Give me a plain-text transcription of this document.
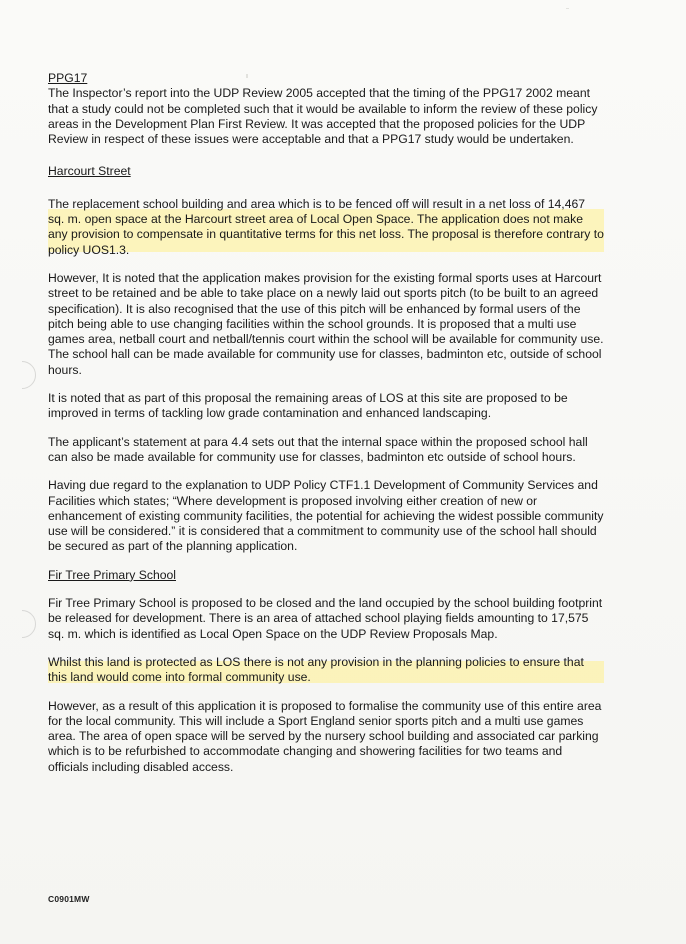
PPG17

The Inspector’s report into the UDP Review 2005 accepted that the timing of the PPG17 2002 meant that a study could not be completed such that it would be available to inform the review of these policy areas in the Development Plan First Review. It was accepted that the proposed policies for the UDP Review in respect of these issues were acceptable and that a PPG17 study would be undertaken.

Harcourt Street

The replacement school building and area which is to be fenced off will result in a net loss of 14,467 sq. m. open space at the Harcourt street area of Local Open Space. The application does not make any provision to compensate in quantitative terms for this net loss. The proposal is therefore contrary to policy UOS1.3.

However, It is noted that the application makes provision for the existing formal sports uses at Harcourt street to be retained and be able to take place on a newly laid out sports pitch (to be built to an agreed specification). It is also recognised that the use of this pitch will be enhanced by formal users of the pitch being able to use changing facilities within the school grounds. It is proposed that a multi use games area, netball court and netball/tennis court within the school will be available for community use. The school hall can be made available for community use for classes, badminton etc, outside of school hours.

It is noted that as part of this proposal the remaining areas of LOS at this site are proposed to be improved in terms of tackling low grade contamination and enhanced landscaping.

The applicant’s statement at para 4.4 sets out that the internal space within the proposed school hall can also be made available for community use for classes, badminton etc outside of school hours.

Having due regard to the explanation to UDP Policy CTF1.1 Development of Community Services and Facilities which states; “Where development is proposed involving either creation of new or enhancement of existing community facilities, the potential for achieving the widest possible community use will be considered.” it is considered that a commitment to community use of the school hall should be secured as part of the planning application.

Fir Tree Primary School

Fir Tree Primary School is proposed to be closed and the land occupied by the school building footprint be released for development. There is an area of attached school playing fields amounting to 17,575 sq. m. which is identified as Local Open Space on the UDP Review Proposals Map.

Whilst this land is protected as LOS there is not any provision in the planning policies to ensure that this land would come into formal community use.

However, as a result of this application it is proposed to formalise the community use of this entire area for the local community. This will include a Sport England senior sports pitch and a multi use games area. The area of open space will be served by the nursery school building and associated car parking which is to be refurbished to accommodate changing and showering facilities for two teams and officials including disabled access.

C0901MW
